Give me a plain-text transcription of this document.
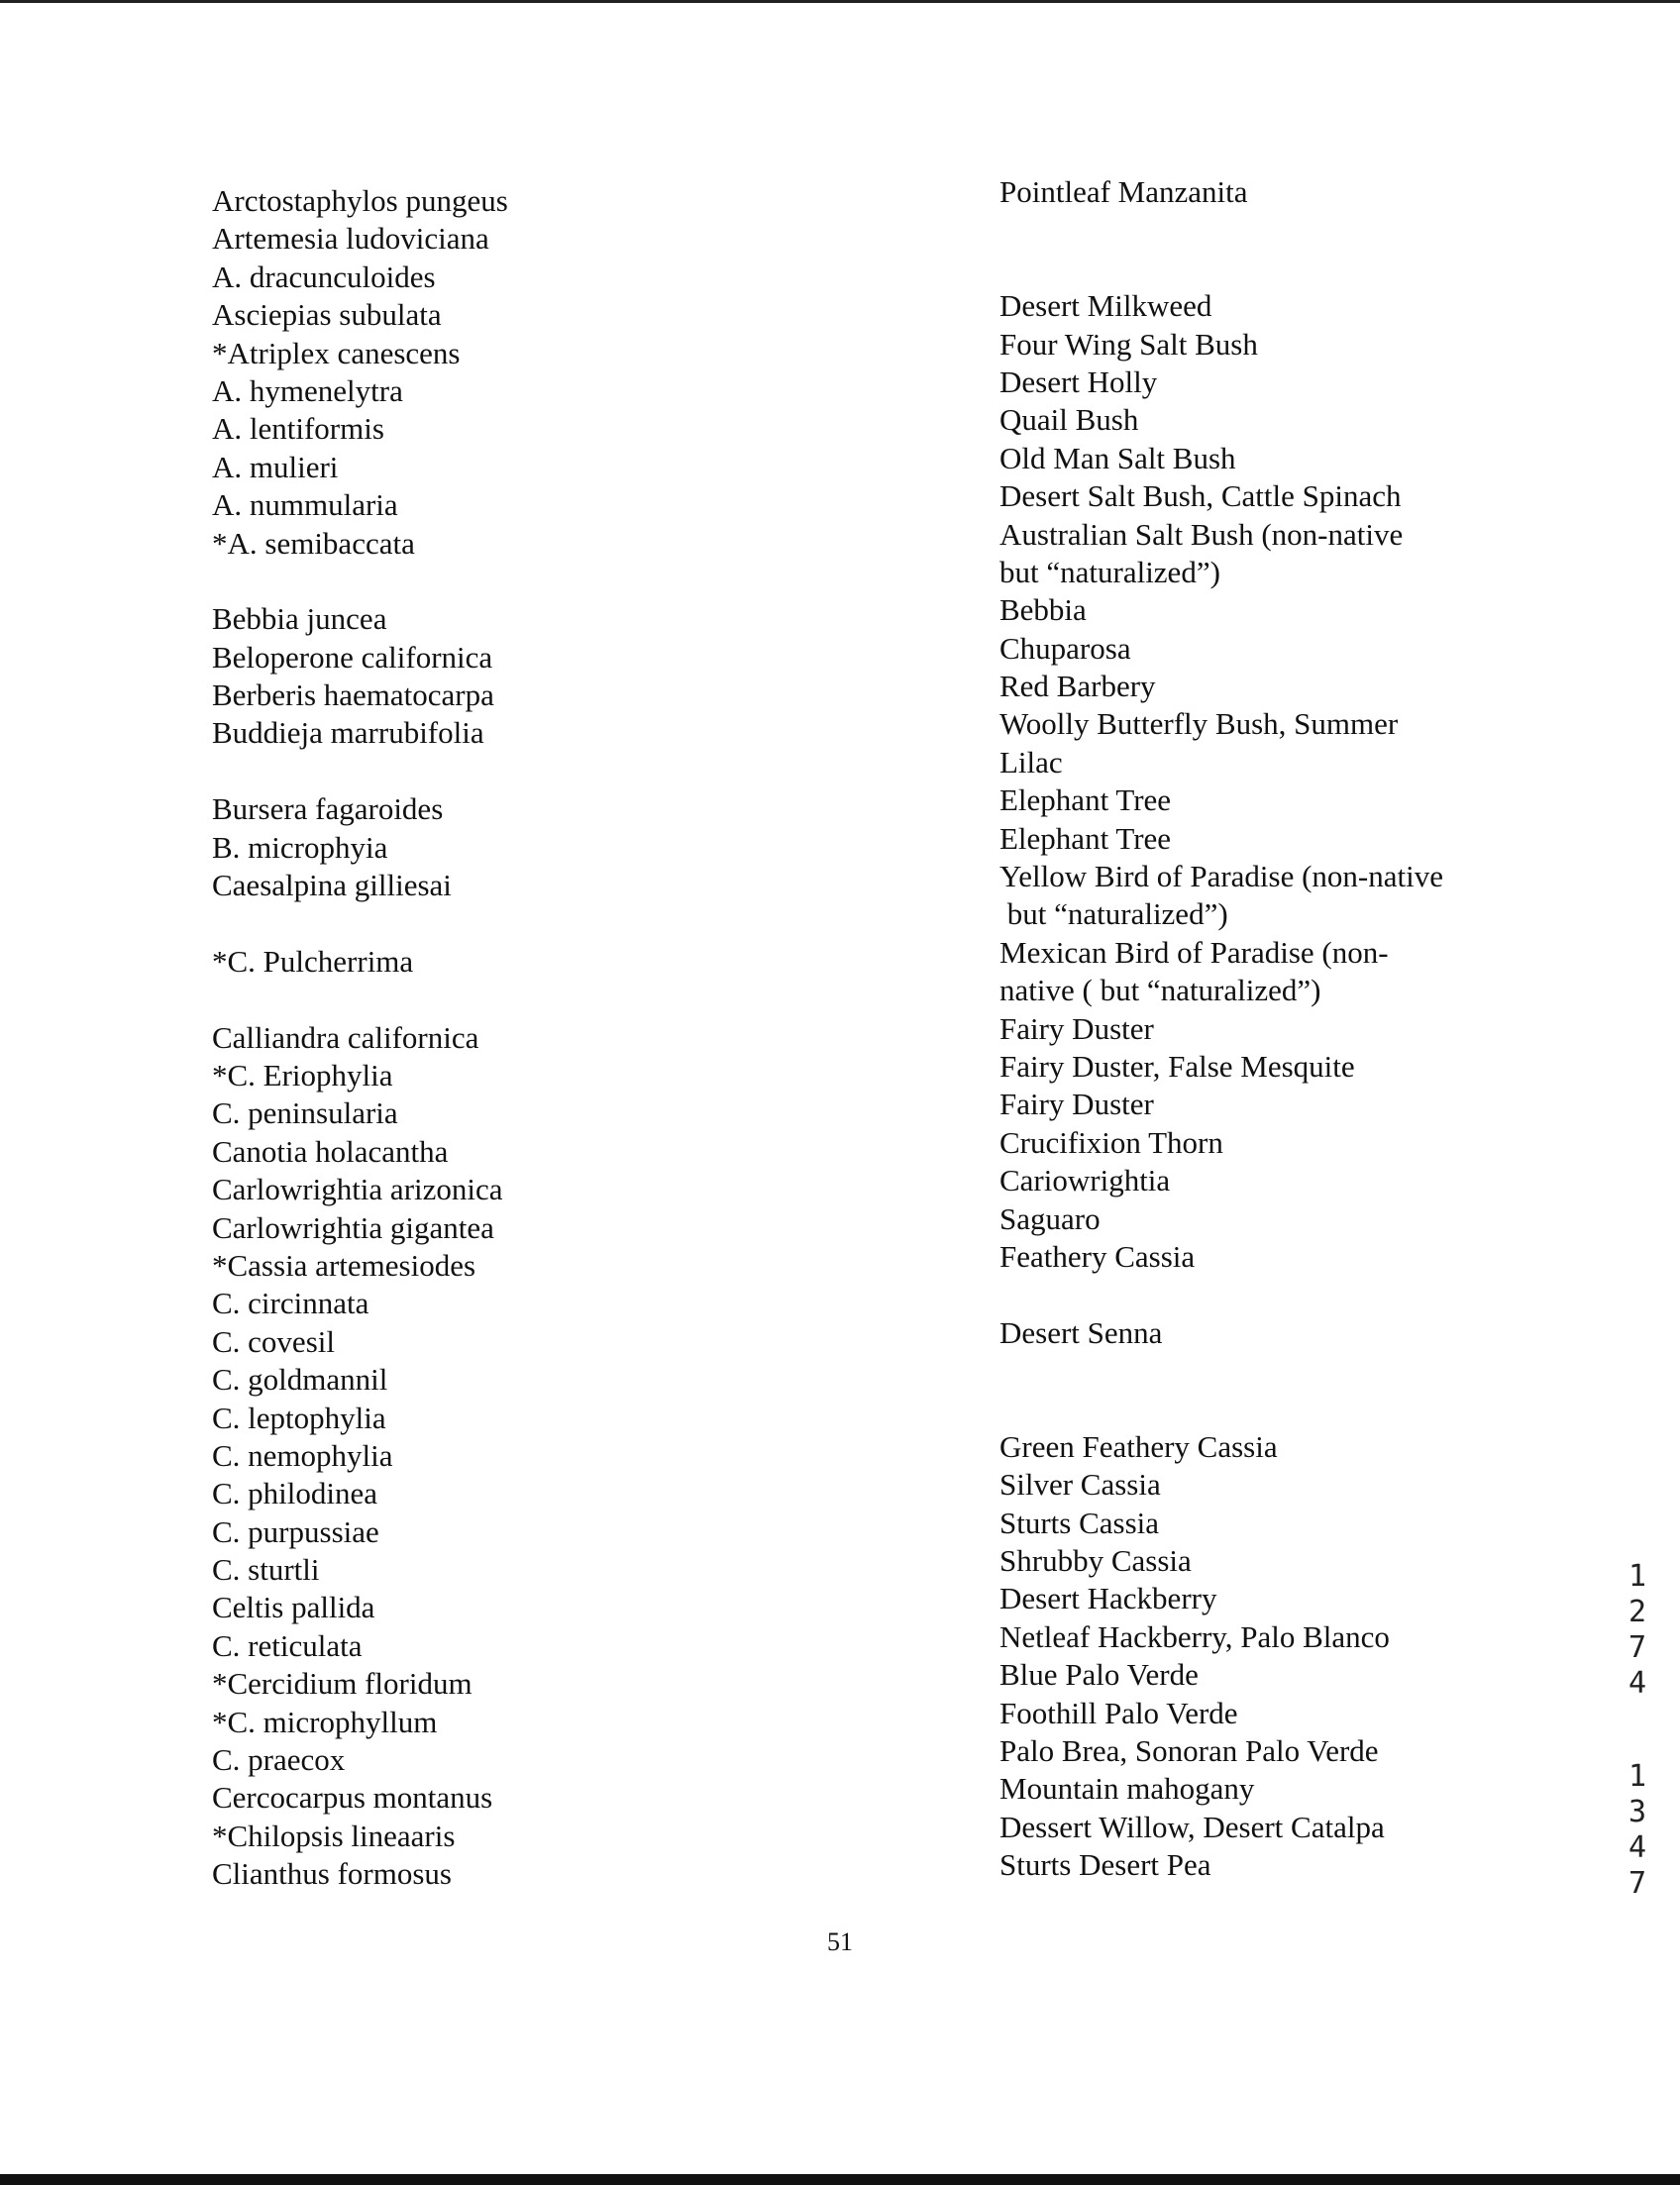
Arctostaphylos pungeus
Artemesia ludoviciana
A. dracunculoides
Asciepias subulata
*Atriplex canescens
A. hymenelytra
A. lentiformis
A. mulieri
A. nummularia
*A. semibaccata
Bebbia juncea
Beloperone californica
Berberis haematocarpa
Buddieja marrubifolia
Bursera fagaroides
B. microphyia
Caesalpina gilliesai
*C. Pulcherrima
Calliandra californica
*C. Eriophylia
C. peninsularia
Canotia holacantha
Carlowrightia arizonica
Carlowrightia gigantea
*Cassia artemesiodes
C. circinnata
C. covesil
C. goldmannil
C. leptophylia
C. nemophylia
C. philodinea
C. purpussiae
C. sturtli
Celtis pallida
C. reticulata
*Cercidium floridum
*C. microphyllum
C. praecox
Cercocarpus montanus
*Chilopsis lineaaris
Clianthus formosus
Pointleaf Manzanita
Desert Milkweed
Four Wing Salt Bush
Desert Holly
Quail Bush
Old Man Salt Bush
Desert Salt Bush, Cattle Spinach
Australian Salt Bush (non-native
but “naturalized”)
Bebbia
Chuparosa
Red Barbery
Woolly Butterfly Bush, Summer
Lilac
Elephant Tree
Elephant Tree
Yellow Bird of Paradise (non-native
but “naturalized”)
Mexican Bird of Paradise (non-
native ( but “naturalized”)
Fairy Duster
Fairy Duster, False Mesquite
Fairy Duster
Crucifixion Thorn
Cariowrightia
Saguaro
Feathery Cassia
Desert Senna
Green Feathery Cassia
Silver Cassia
Sturts Cassia
Shrubby Cassia
Desert Hackberry
Netleaf Hackberry, Palo Blanco
Blue Palo Verde
Foothill Palo Verde
Palo Brea, Sonoran Palo Verde
Mountain mahogany
Dessert Willow, Desert Catalpa
Sturts Desert Pea
1
2
7
4
1
3
4
7
51
